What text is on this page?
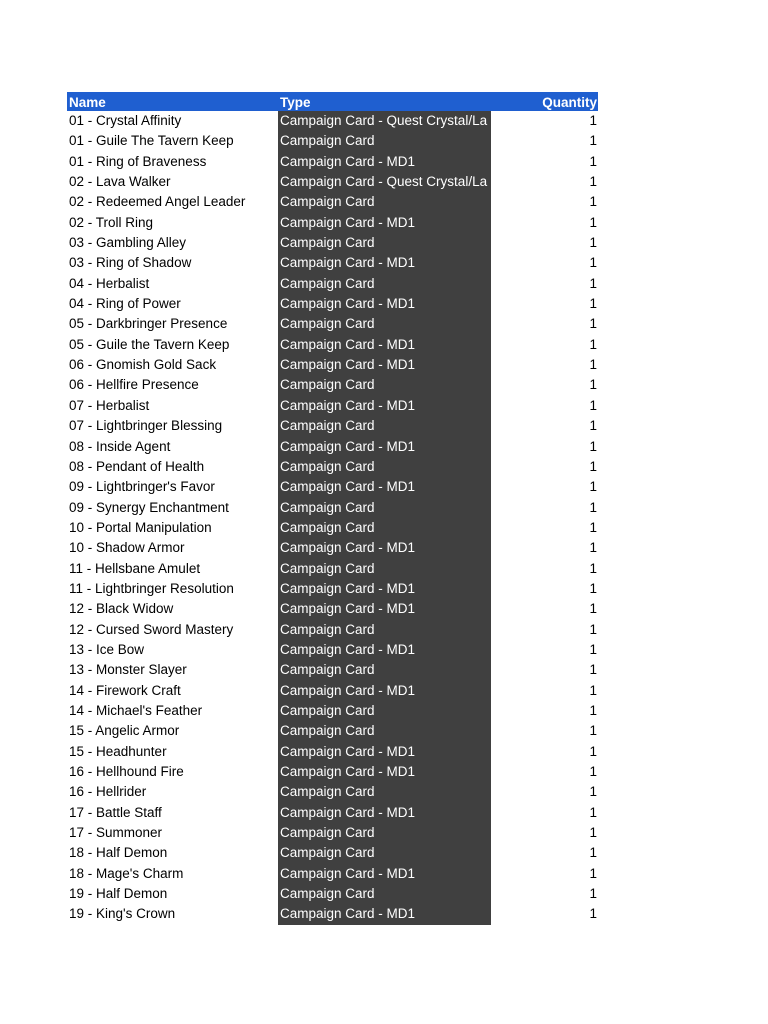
Name	Type	Quantity
01 - Crystal Affinity	Campaign Card - Quest Crystal/La	1
01 - Guile The Tavern Keep	Campaign Card	1
01 - Ring of Braveness	Campaign Card - MD1	1
02 - Lava Walker	Campaign Card - Quest Crystal/La	1
02 - Redeemed Angel Leader	Campaign Card	1
02 - Troll Ring	Campaign Card - MD1	1
03 - Gambling Alley	Campaign Card	1
03 - Ring of Shadow	Campaign Card - MD1	1
04 - Herbalist	Campaign Card	1
04 - Ring of Power	Campaign Card - MD1	1
05 - Darkbringer Presence	Campaign Card	1
05 - Guile the Tavern Keep	Campaign Card - MD1	1
06 - Gnomish Gold Sack	Campaign Card - MD1	1
06 - Hellfire Presence	Campaign Card	1
07 - Herbalist	Campaign Card - MD1	1
07 - Lightbringer Blessing	Campaign Card	1
08 - Inside Agent	Campaign Card - MD1	1
08 - Pendant of Health	Campaign Card	1
09 - Lightbringer's Favor	Campaign Card - MD1	1
09 - Synergy Enchantment	Campaign Card	1
10 - Portal Manipulation	Campaign Card	1
10 - Shadow Armor	Campaign Card - MD1	1
11 - Hellsbane Amulet	Campaign Card	1
11 - Lightbringer Resolution	Campaign Card - MD1	1
12 - Black Widow	Campaign Card - MD1	1
12 - Cursed Sword Mastery	Campaign Card	1
13 - Ice Bow	Campaign Card - MD1	1
13 - Monster Slayer	Campaign Card	1
14 - Firework Craft	Campaign Card - MD1	1
14 - Michael's Feather	Campaign Card	1
15 - Angelic Armor	Campaign Card	1
15 - Headhunter	Campaign Card - MD1	1
16 - Hellhound Fire	Campaign Card - MD1	1
16 - Hellrider	Campaign Card	1
17 - Battle Staff	Campaign Card - MD1	1
17 - Summoner	Campaign Card	1
18 - Half Demon	Campaign Card	1
18 - Mage's Charm	Campaign Card - MD1	1
19 - Half Demon	Campaign Card	1
19 - King's Crown	Campaign Card - MD1	1
